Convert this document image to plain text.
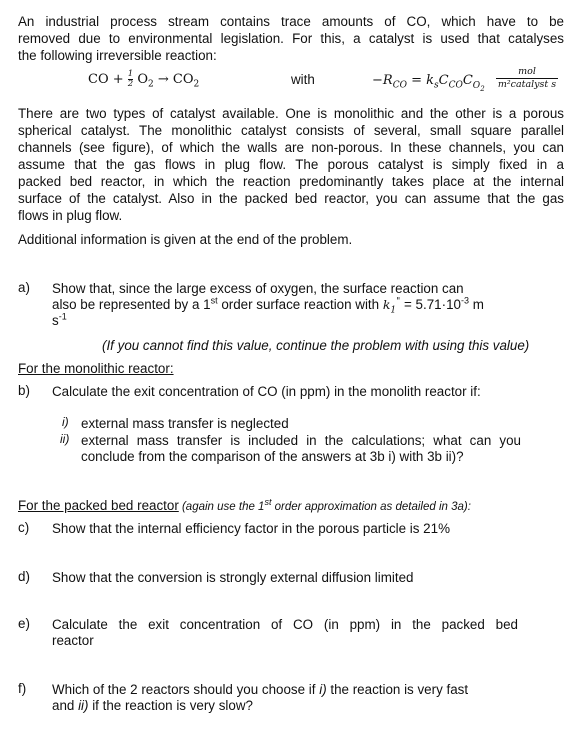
An industrial process stream contains trace amounts of CO, which have to be
removed due to environmental legislation. For this, a catalyst is used that catalyses
the following irreversible reaction:
CO + $\frac{1}{2} O_2 \to CO_2$	with	$-R_{CO} = k_sC_{CO}C_{O_2}$
mol
m²catalyst s
There are two types of catalyst available. One is monolithic and the other is a porous
spherical catalyst. The monolithic catalyst consists of several, small square parallel
channels (see figure), of which the walls are non-porous. In these channels, you can
assume that the gas flows in plug flow. The porous catalyst is simply fixed in a
packed bed reactor, in which the reaction predominantly takes place at the internal
surface of the catalyst. Also in the packed bed reactor, you can assume that the gas
flows in plug flow.
Additional information is given at the end of the problem.
a) Show that, since the large excess of oxygen, the surface reaction can
also be represented by a 1st order surface reaction with $k_1^" = 5.71\cdot 10^{-3}$ m
$s^{-1}$
(If you cannot find this value, continue the problem with using this value)
For the monolithic reactor:
b) Calculate the exit concentration of CO (in ppm) in the monolith reactor if:
i) external mass transfer is neglected
ii) external mass transfer is included in the calculations; what can you
conclude from the comparison of the answers at 3b i) with 3b ii)?
For the packed bed reactor (again use the 1st order approximation as detailed in 3a):
c) Show that the internal efficiency factor in the porous particle is 21%
d) Show that the conversion is strongly external diffusion limited
e) Calculate the exit concentration of CO (in ppm) in the packed bed
reactor
f) Which of the 2 reactors should you choose if i) the reaction is very fast
and ii) if the reaction is very slow?
